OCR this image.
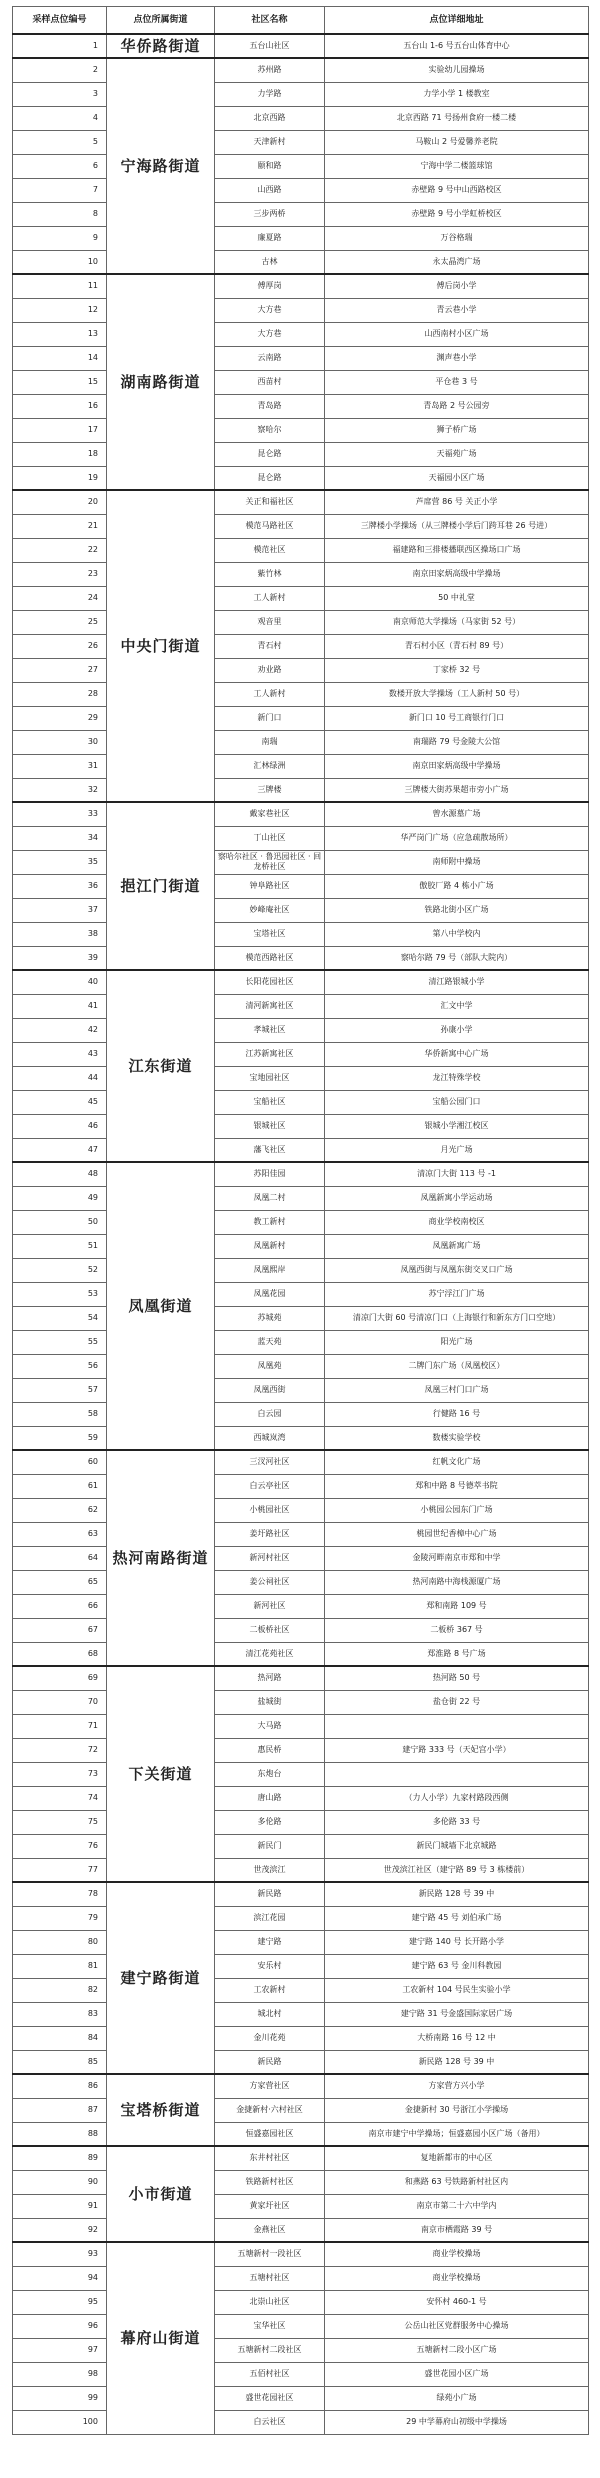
采样点位编号	点位所属街道	社区名称	点位详细地址
1	华侨路街道	五台山社区	五台山 1-6 号五台山体育中心
2	宁海路街道	苏州路	实验幼儿园操场
3		力学路	力学小学 1 楼教室
4		北京西路	北京西路 71 号扬州食府一楼二楼
5		天津新村	马鞍山 2 号爱馨养老院
6		颐和路	宁海中学二楼篮球馆
7		山西路	赤壁路 9 号中山西路校区
8		三步两桥	赤壁路 9 号小学虹桥校区
9		廉夏路	万谷格瑞
10		古林	永太晶湾广场
11	湖南路街道	傅厚岗	傅后岗小学
12		大方巷	青云巷小学
13		大方巷	山西南村小区广场
14		云南路	渊声巷小学
15		西苗村	平仓巷 3 号
16		青岛路	青岛路 2 号公园旁
17		察哈尔	狮子桥广场
18		昆仑路	天福苑广场
19		昆仑路	天福园小区广场
20	中央门街道	关正和福社区	芦席营 86 号 关正小学
21		模范马路社区	三牌楼小学操场（从三牌楼小学后门跨耳巷 26 号进）
22		模范社区	福建路和三排楼播联西区操场口广场
23		紫竹林	南京田家炳高级中学操场
24		工人新村	50 中礼堂
25		观音里	南京师范大学操场（马家街 52 号）
26		青石村	青石村小区（青石村 89 号）
27		劝业路	丁家桥 32 号
28		工人新村	数楼开放大学操场（工人新村 50 号）
29		新门口	新门口 10 号工商银行门口
30		南瑞	南瑞路 79 号金陵大公馆
31		汇林绿洲	南京田家炳高级中学操场
32		三牌楼	三牌楼大街苏果超市旁小广场
33	挹江门街道	戴家巷社区	曾水源墓广场
34		丁山社区	华严岗门广场（应急疏散场所）
35		察哈尔社区 · 鲁迅园社区 · 回龙桥社区	南师附中操场
36		钟阜路社区	傲胶厂路 4 栋小广场
37		妙峰庵社区	铁路北街小区广场
38		宝塔社区	第八中学校内
39		模范西路社区	察哈尔路 79 号（部队大院内）
40	江东街道	长阳花园社区	清江路银城小学
41		清河新寓社区	汇文中学
42		孝城社区	孙康小学
43		江苏新寓社区	华侨新寓中心广场
44		宝地园社区	龙江特殊学校
45		宝船社区	宝船公园门口
46		银城社区	银城小学湘江校区
47		藩飞社区	月光广场
48	凤凰街道	苏阳佳园	清凉门大街 113 号 -1
49		凤凰二村	凤凰新寓小学运动场
50		教工新村	商业学校南校区
51		凤凰新村	凤凰新寓广场
52		凤凰熙岸	凤凰西街与凤凰东街交叉口广场
53		凤凰花园	苏宁浮江门广场
54		苏城苑	清凉门大街 60 号清凉门口（上海银行和新东方门口空地）
55		蓝天苑	阳光广场
56		凤凰苑	二牌门东广场（凤凰校区）
57		凤凰西街	凤凰三村门口广场
58		白云园	行健路 16 号
59		西城岚湾	数楼实验学校
60	热河南路街道	三汊河社区	红帆文化广场
61		白云亭社区	郑和中路 8 号德萃书院
62		小桃园社区	小桃园公园东门广场
63		姜圩路社区	桃园世纪香樟中心广场
64		新河村社区	金陵河畔南京市郑和中学
65		姜公祠社区	热河南路中海栈源厦广场
66		新河社区	郑和南路 109 号
67		二板桥社区	二板桥 367 号
68		清江花苑社区	郑淮路 8 号广场
69	下关街道	热河路	热河路 50 号
70		盐城街	盐仓街 22 号
71		大马路	
72		惠民桥	建宁路 333 号（天妃宫小学）
73		东炮台	
74		唐山路	（力人小学）九家村路段西侧
75		多伦路	多伦路 33 号
76		新民门	新民门城墙下北京城路
77		世茂滨江	世茂滨江社区（建宁路 89 号 3 栋楼前）
78	建宁路街道	新民路	新民路 128 号 39 中
79		滨江花园	建宁路 45 号 刘伯承广场
80		建宁路	建宁路 140 号 长开路小学
81		安乐村	建宁路 63 号 金川科教园
82		工农新村	工农新村 104 号民生实验小学
83		城北村	建宁路 31 号金盛国际家居广场
84		金川花苑	大桥南路 16 号 12 中
85		新民路	新民路 128 号 39 中
86	宝塔桥街道	方家营社区	方家营方兴小学
87		金捷新村·六村社区	金捷新村 30 号浙江小学操场
88		恒盛嘉园社区	南京市建宁中学操场；恒盛嘉园小区广场（备用）
89	小市街道	东井村社区	复地新都市的中心区
90		铁路新村社区	和燕路 63 号铁路新村社区内
91		黄家圩社区	南京市第二十六中学内
92		金燕社区	南京市栖霞路 39 号
93	幕府山街道	五塘新村一段社区	商业学校操场
94		五塘村社区	商业学校操场
95		北崇山社区	安怀村 460-1 号
96		宝华社区	公岳山社区党群服务中心操场
97		五塘新村二段社区	五塘新村二段小区广场
98		五佰村社区	盛世花园小区广场
99		盛世花园社区	绿苑小广场
100		白云社区	29 中学幕府山初级中学操场
